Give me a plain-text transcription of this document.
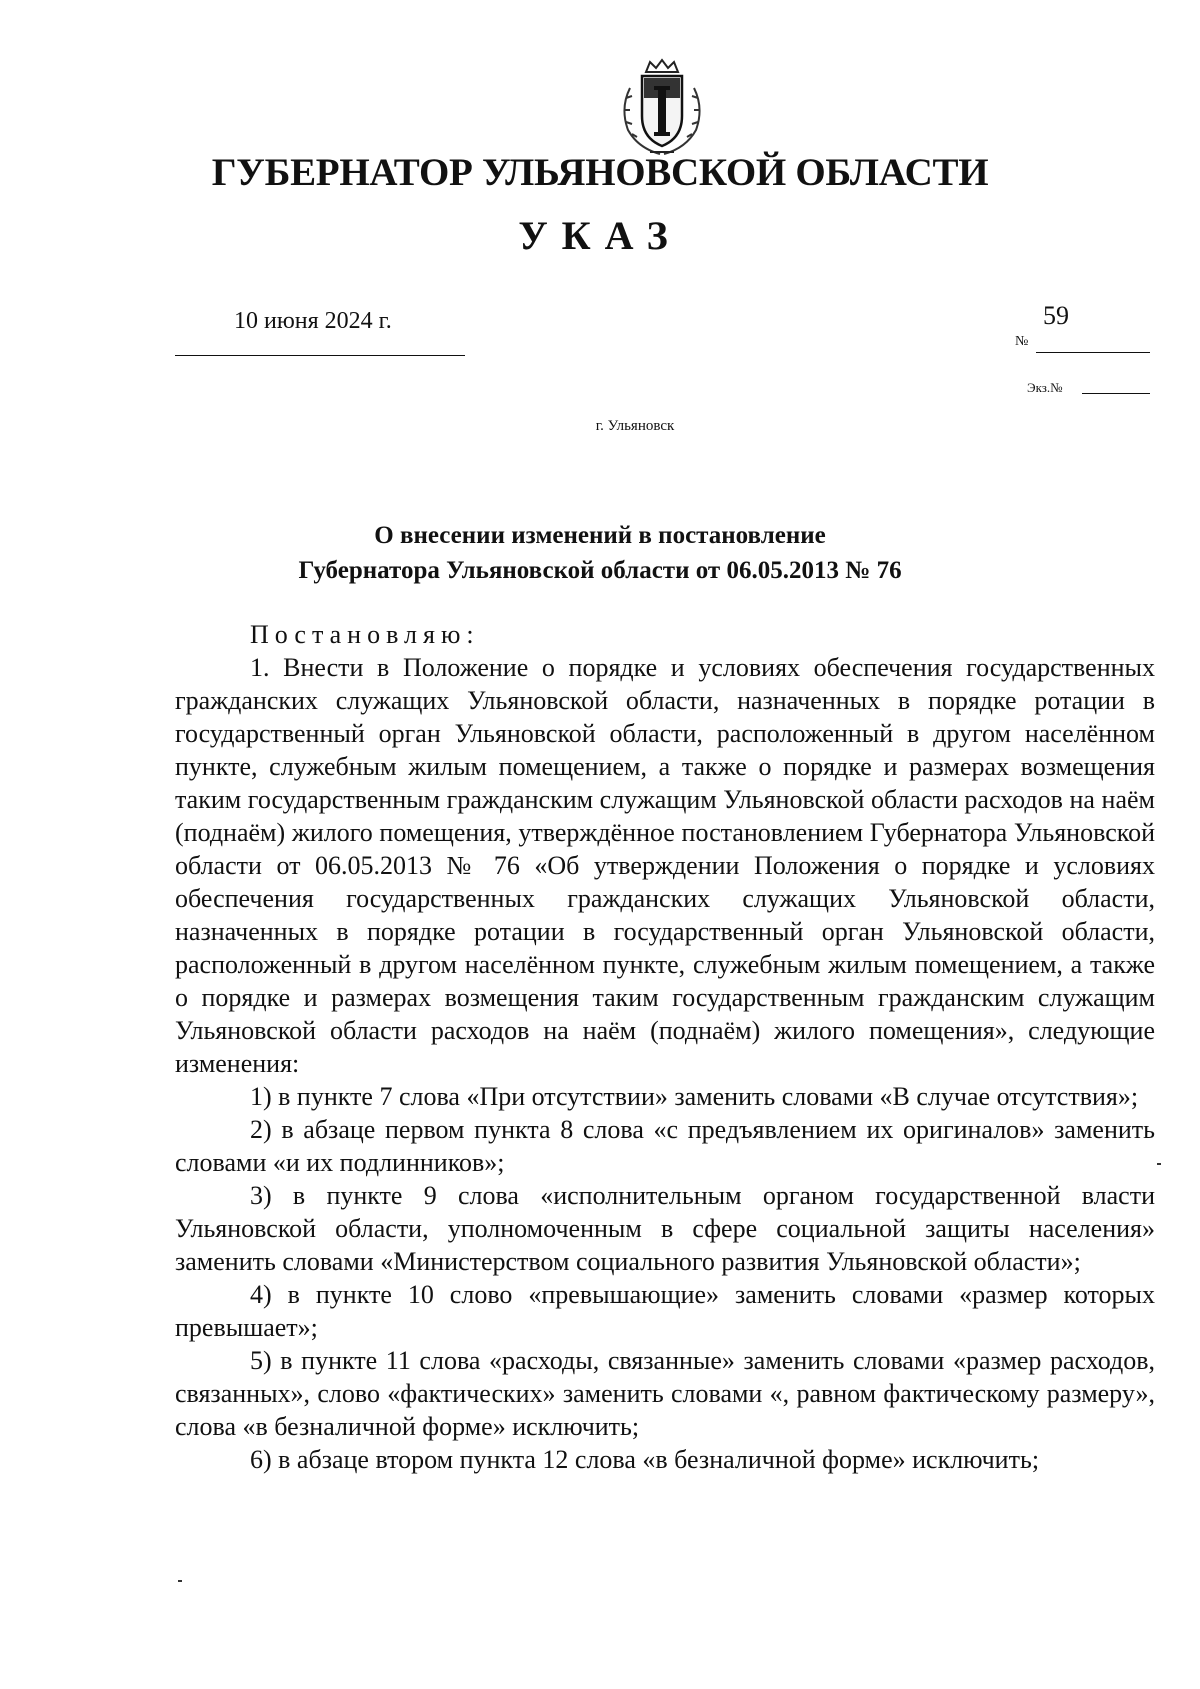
ГУБЕРНАТОР УЛЬЯНОВСКОЙ ОБЛАСТИ
УКАЗ
10 июня 2024 г.	59
№
Экз.№
г. Ульяновск
О внесении изменений в постановление
Губернатора Ульяновской области от 06.05.2013 № 76
Постановляю:

1. Внести в Положение о порядке и условиях обеспечения государственных гражданских служащих Ульяновской области, назначенных в порядке ротации в государственный орган Ульяновской области, расположенный в другом населённом пункте, служебным жилым помещением, а также о порядке и размерах возмещения таким государственным гражданским служащим Ульяновской области расходов на наём (поднаём) жилого помещения, утверждённое постановлением Губернатора Ульяновской области от 06.05.2013 № 76 «Об утверждении Положения о порядке и условиях обеспечения государственных гражданских служащих Ульяновской области, назначенных в порядке ротации в государственный орган Ульяновской области, расположенный в другом населённом пункте, служебным жилым помещением, а также о порядке и размерах возмещения таким государственным гражданским служащим Ульяновской области расходов на наём (поднаём) жилого помещения», следующие изменения:

1) в пункте 7 слова «При отсутствии» заменить словами «В случае отсутствия»;

2) в абзаце первом пункта 8 слова «с предъявлением их оригиналов» заменить словами «и их подлинников»;

3) в пункте 9 слова «исполнительным органом государственной власти Ульяновской области, уполномоченным в сфере социальной защиты населения» заменить словами «Министерством социального развития Ульяновской области»;

4) в пункте 10 слово «превышающие» заменить словами «размер которых превышает»;

5) в пункте 11 слова «расходы, связанные» заменить словами «размер расходов, связанных», слово «фактических» заменить словами «, равном фактическому размеру», слова «в безналичной форме» исключить;

6) в абзаце втором пункта 12 слова «в безналичной форме» исключить;
